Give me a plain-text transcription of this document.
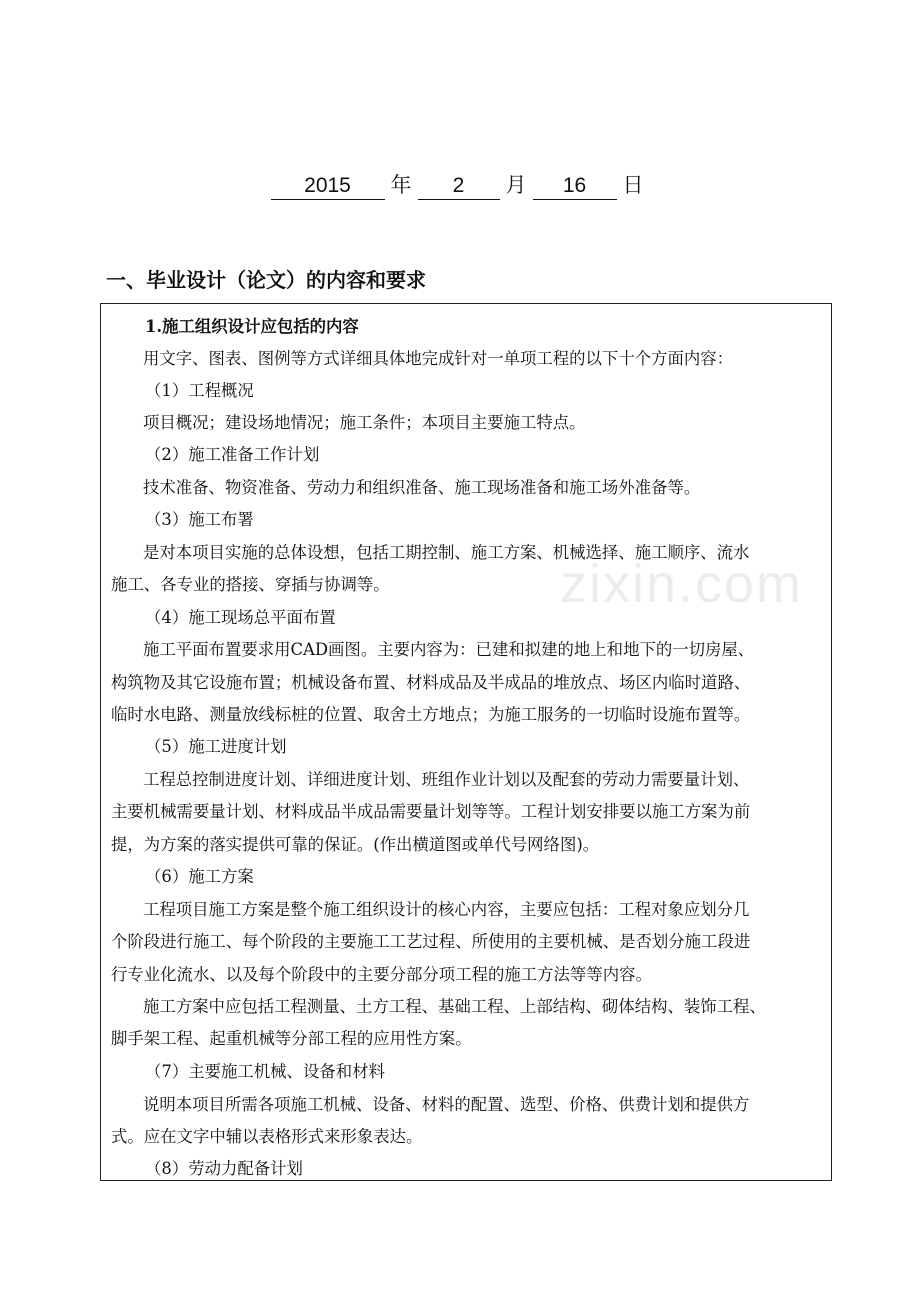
2015 年 2 月 16 日
一、毕业设计（论文）的内容和要求
1.施工组织设计应包括的内容
用文字、图表、图例等方式详细具体地完成针对一单项工程的以下十个方面内容：
（1）工程概况
项目概况；建设场地情况；施工条件；本项目主要施工特点。
（2）施工准备工作计划
技术准备、物资准备、劳动力和组织准备、施工现场准备和施工场外准备等。
（3）施工布署
是对本项目实施的总体设想，包括工期控制、施工方案、机械选择、施工顺序、流水
施工、各专业的搭接、穿插与协调等。
（4）施工现场总平面布置
施工平面布置要求用CAD画图。主要内容为：已建和拟建的地上和地下的一切房屋、
构筑物及其它设施布置；机械设备布置、材料成品及半成品的堆放点、场区内临时道路、
临时水电路、测量放线标桩的位置、取舍土方地点；为施工服务的一切临时设施布置等。
（5）施工进度计划
工程总控制进度计划、详细进度计划、班组作业计划以及配套的劳动力需要量计划、
主要机械需要量计划、材料成品半成品需要量计划等等。工程计划安排要以施工方案为前
提，为方案的落实提供可靠的保证。(作出横道图或单代号网络图)。
（6）施工方案
工程项目施工方案是整个施工组织设计的核心内容，主要应包括：工程对象应划分几
个阶段进行施工、每个阶段的主要施工工艺过程、所使用的主要机械、是否划分施工段进
行专业化流水、以及每个阶段中的主要分部分项工程的施工方法等等内容。
施工方案中应包括工程测量、土方工程、基础工程、上部结构、砌体结构、装饰工程、
脚手架工程、起重机械等分部工程的应用性方案。
（7）主要施工机械、设备和材料
说明本项目所需各项施工机械、设备、材料的配置、选型、价格、供费计划和提供方
式。应在文字中辅以表格形式来形象表达。
（8）劳动力配备计划
zixin.com
